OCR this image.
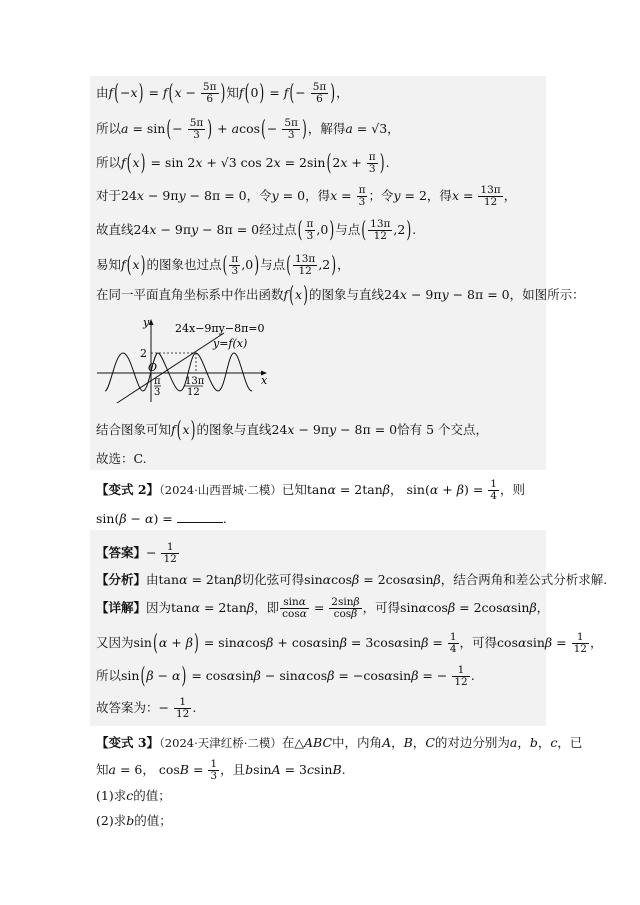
由$f(-x) = f(x - \frac{5\pi}{6}$ )知$f(0) = f(- \frac{5\pi}{6}$ )，
所以$a = \sin(- \frac{5\pi}{3}$ ) + $acos(- \frac{5\pi}{3}$ )，解得a = √3，
所以f(x) = sin 2x + √3 $\cos 2x = 2\sin(2x + \frac{\pi}{3}$ ).
对于24x − 9πy − 8π = 0，令y = 0，得$x = \frac{\pi}{3}$ ；令y = 2，得$x = \frac{13\pi}{12}$ ，
故直线24x − 9πy − 8π = 0经过点( $\frac{\pi}{3} ,0$)与点( $\frac{13\pi}{12} ,2$).
易知f(x)的图象也过点( $\frac{\pi}{3} ,0$)与点( $\frac{13\pi}{12} ,2$)，
在同一平面直角坐标系中作出函数f(x)的图象与直线24x − 9πy − 8π = 0，如图所示：
y
x
O
2
24x−9πy−8π=0
y=f(x)
π
3
13π
12
结合图象可知f(x)的图象与直线24x − 9πy − 8π = 0恰有 5 个交点，
故选：C.
【变式 2】（2024·山西晋城·二模）已知tanα = 2tanβ， $\sin(\alpha + \beta) = \frac{1}{4}$ ，则
sin(β − α) =	.
【答案】− $\frac{1}{12}$
【分析】由tanα = 2tanβ切化弦可得sinαcosβ = 2cosαsinβ，结合两角和差公式分析求解.
【详解】因为tanα = 2tanβ，即 $\frac{\sin\alpha}{\cos\alpha} = \frac{2\sin\beta}{\cos\beta}$ ，可得sinαcosβ = 2cosαsinβ，
又因为$\sin(\alpha + \beta) = \sin\alpha\cos\beta + \cos\alpha\sin\beta = 3\cos\alpha\sin\beta = \frac{1}{4}$ ，可得$\cos\alpha\sin\beta = \frac{1}{12}$ ，
所以sin(β − α) = cosαsinβ − sinαcosβ = −cosαsinβ = − $\frac{1}{12}$ .
故答案为：− $\frac{1}{12}$ .
【变式 3】（2024·天津红桥·二模）在△ABC中，内角A，B，C的对边分别为a，b，c，已
知a = 6， $\cos B = \frac{1}{3}$ ，且bsinA = 3csinB.
(1)求c的值；
(2)求b的值；
